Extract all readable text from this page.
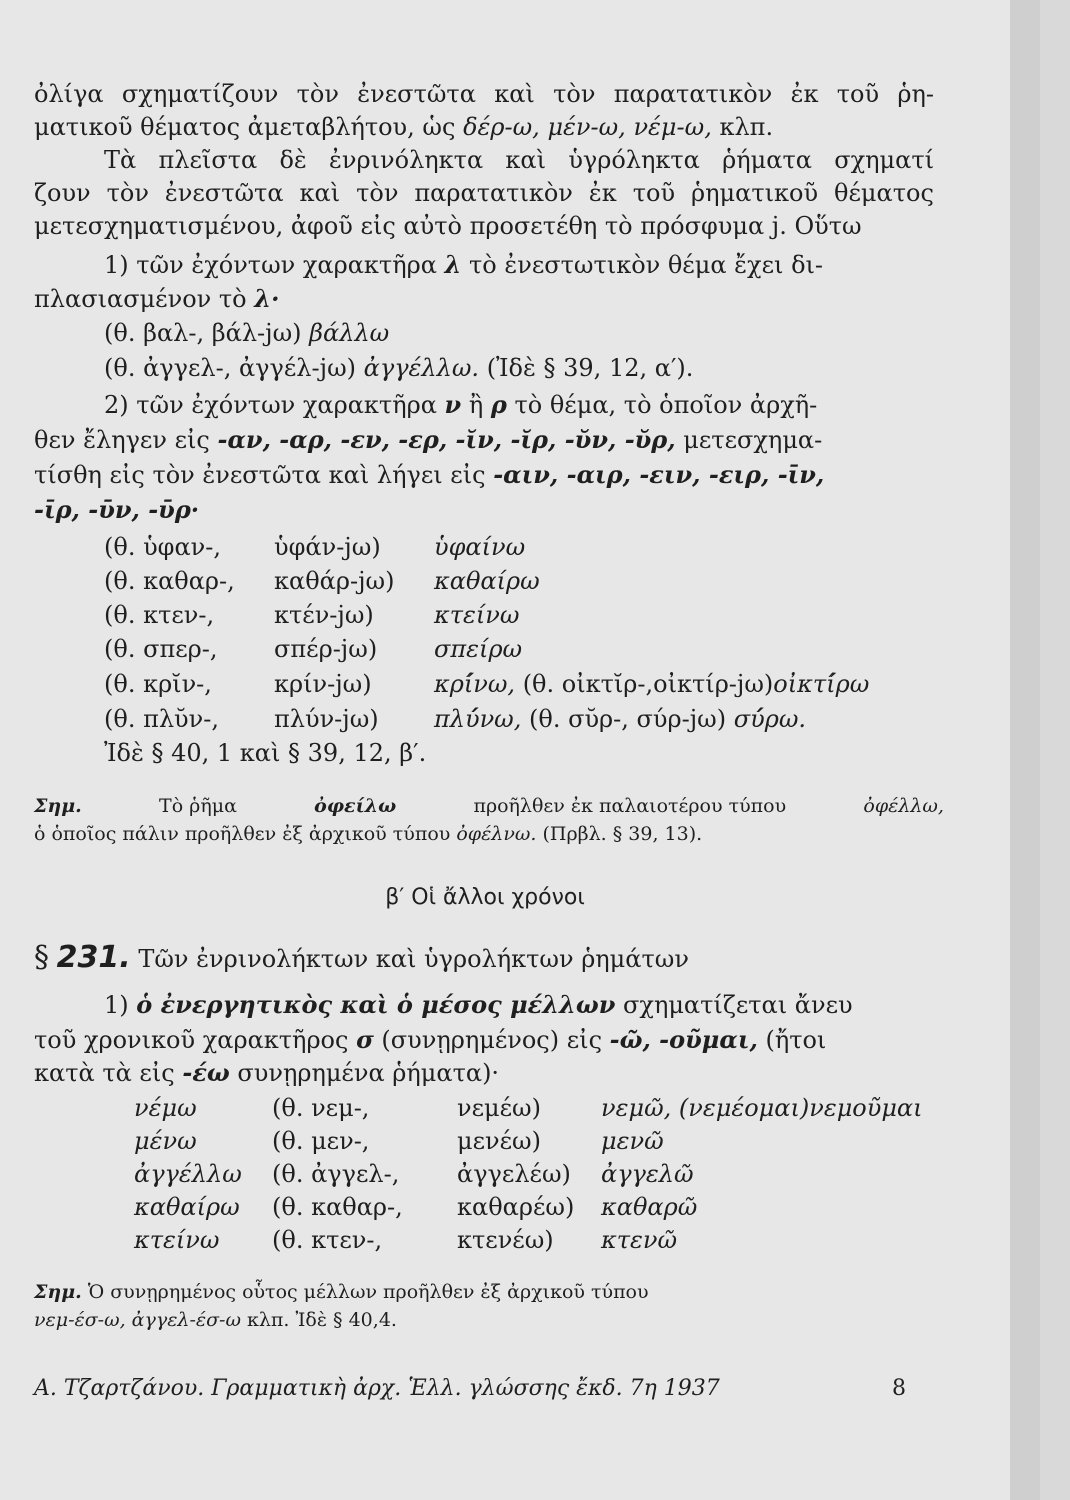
ὀλίγα σχηματίζουν τὸν ἐνεστῶτα καὶ τὸν παρατατικὸν ἐκ τοῦ ῥη-
ματικοῦ θέματος ἀμεταβλήτου, ὡς δέρ-ω, μέν-ω, νέμ-ω, κλπ.
Τὰ πλεῖστα δὲ ἐνρινόληκτα καὶ ὑγρόληκτα ῥήματα σχηματί
ζουν τὸν ἐνεστῶτα καὶ τὸν παρατατικὸν ἐκ τοῦ ῥηματικοῦ θέματος
μετεσχηματισμένου, ἀφοῦ εἰς αὐτὸ προσετέθη τὸ πρόσφυμα j. Οὕτω
1) τῶν ἐχόντων χαρακτῆρα λ τὸ ἐνεστωτικὸν θέμα ἔχει δι-
πλασιασμένον τὸ λ·
(θ. βαλ-, βάλ-jω) βάλλω
(θ. ἀγγελ-, ἀγγέλ-jω) ἀγγέλλω. (Ἰδὲ § 39, 12, α′).
2) τῶν ἐχόντων χαρακτῆρα ν ἢ ρ τὸ θέμα, τὸ ὁποῖον ἀρχῆ-
θεν ἔληγεν εἰς -αν, -αρ, -εν, -ερ, -ῐν, -ῐρ, -ῠν, -ῠρ, μετεσχημα-
τίσθη εἰς τὸν ἐνεστῶτα καὶ λήγει εἰς -αιν, -αιρ, -ειν, -ειρ, -ῑν,
-ῑρ, -ῡν, -ῡρ·
(θ. ὑφαν-, ὑφάν-jω) ὑφαίνω
(θ. καθαρ-, καθάρ-jω) καθαίρω
(θ. κτεν-, κτέν-jω)	κτείνω
(θ. σπερ-, σπέρ-jω) σπείρω
(θ. κρῐν-,	κρίν-jω)	κρί́νω, (θ. οἰκτῐρ-,οἰκτίρ-jω)οἰκτί́ρω
(θ. πλῠν-, πλύν-jω) πλύ́νω, (θ. σῠρ-, σύρ-jω) σύ́ρω.
Ἰδὲ § 40, 1 καὶ § 39, 12, β′.
Σημ.	Τὸ ῥῆμα	ὀφείλω	προῆλθεν ἐκ παλαιοτέρου τύπου	ὀφέλλω,
ὁ ὁποῖος πάλιν προῆλθεν ἐξ ἀρχικοῦ τύπου ὀφέλνω. (Πρβλ. § 39, 13).
β′ Οἱ ἄλλοι χρόνοι
§ 231. Τῶν ἐνρινολήκτων καὶ ὑγρολήκτων ῥημάτων
1) ὁ ἐνεργητικὸς καὶ ὁ μέσος μέλλων σχηματίζεται ἄνευ
τοῦ χρονικοῦ χαρακτῆρος σ (συνῃρημένος) εἰς -ῶ, -οῦμαι, (ἤτοι
κατὰ τὰ εἰς -έω συνῃρημένα ῥήματα)·
νέμω	(θ. νεμ-,	νεμέω)	νεμῶ, (νεμέομαι)νεμοῦμαι
μένω	(θ. μεν-,	μενέω)	μενῶ
ἀγγέλλω	(θ. ἀγγελ-,	ἀγγελέω)	ἀγγελῶ
καθαίρω	(θ. καθαρ-,	καθαρέω)	καθαρῶ
κτείνω	(θ. κτεν-,	κτενέω)	κτενῶ
Σημ. Ὁ συνῃρημένος οὗτος μέλλων προῆλθεν ἐξ ἀρχικοῦ τύπου
νεμ-έσ-ω, ἀγγελ-έσ-ω κλπ. Ἰδὲ § 40,4.
Α. Τζαρτζάνου. Γραμματικὴ ἀρχ. Ἑλλ. γλώσσης ἔκδ. 7η 1937	8
